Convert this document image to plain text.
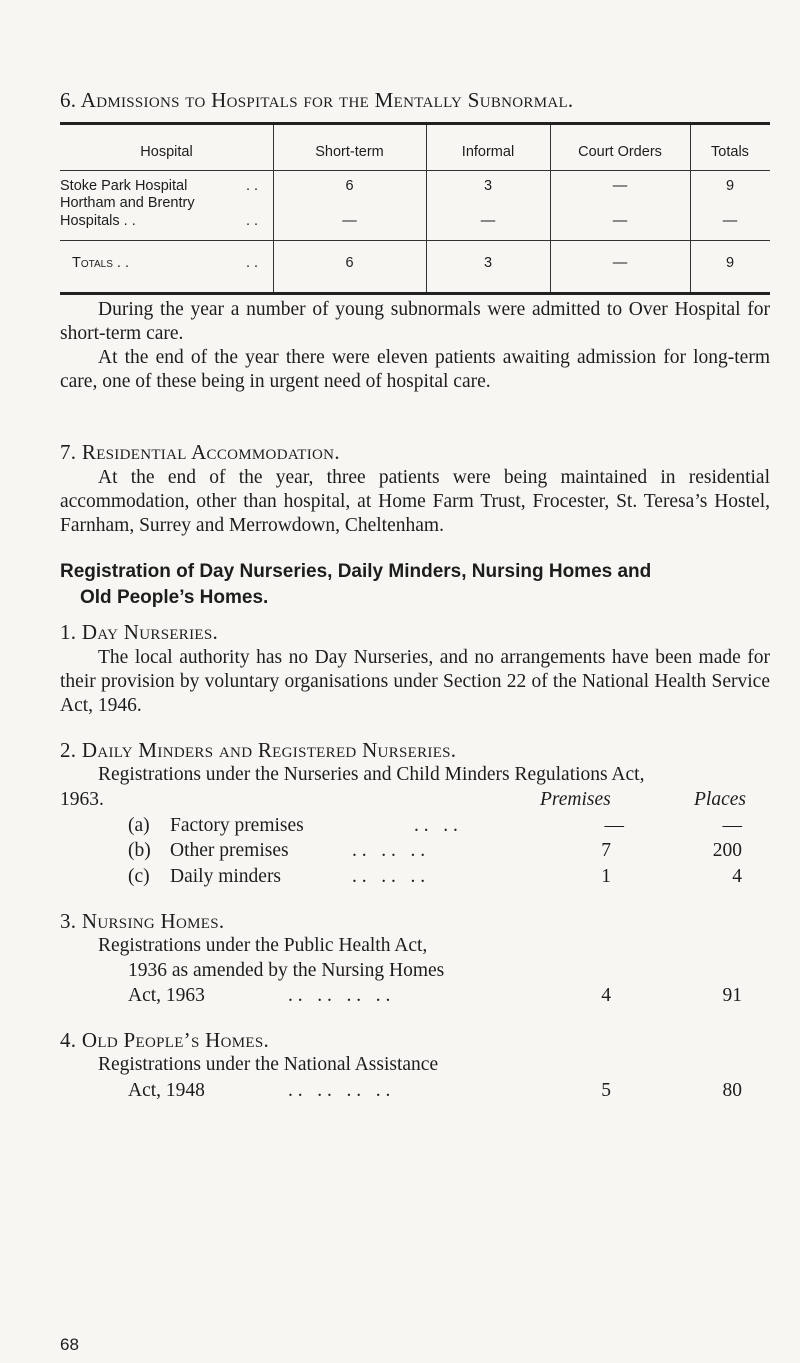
6. Admissions to Hospitals for the Mentally Subnormal.
Hospital	Short-term	Informal	Court Orders	Totals
Stoke Park Hospital	. .	6	3	—	9
Hortham and Brentry
Hospitals . .	. .	—	—	—	—
Totals . .	. .	6	3	—	9

During the year a number of young subnormals were admitted to Over Hospital for short-term care.

At the end of the year there were eleven patients awaiting admission for long-term care, one of these being in urgent need of hospital care.

7. Residential Accommodation.

At the end of the year, three patients were being maintained in residential accommodation, other than hospital, at Home Farm Trust, Frocester, St. Teresa’s Hostel, Farnham, Surrey and Merrowdown, Cheltenham.

Registration of Day Nurseries, Daily Minders, Nursing Homes and
Old People’s Homes.
1. Day Nurseries.

The local authority has no Day Nurseries, and no arrangements have been made for their provision by voluntary organisations under Section 22 of the National Health Service Act, 1946.

2. Daily Minders and Registered Nurseries.
Registrations under the Nurseries and Child Minders Regulations Act,
1963.	Premises	Places
(a) Factory premises	. .   . .	—	—
(b) Other premises	. .   . .   . .	7	200
(c) Daily minders	. .   . .   . .	1	4
3. Nursing Homes.
Registrations under the Public Health Act,
1936 as amended by the Nursing Homes
Act, 1963	. .   . .   . .   . .	4	91
4. Old People’s Homes.
Registrations under the National Assistance
Act, 1948	. .   . .   . .   . .	5	80
68
